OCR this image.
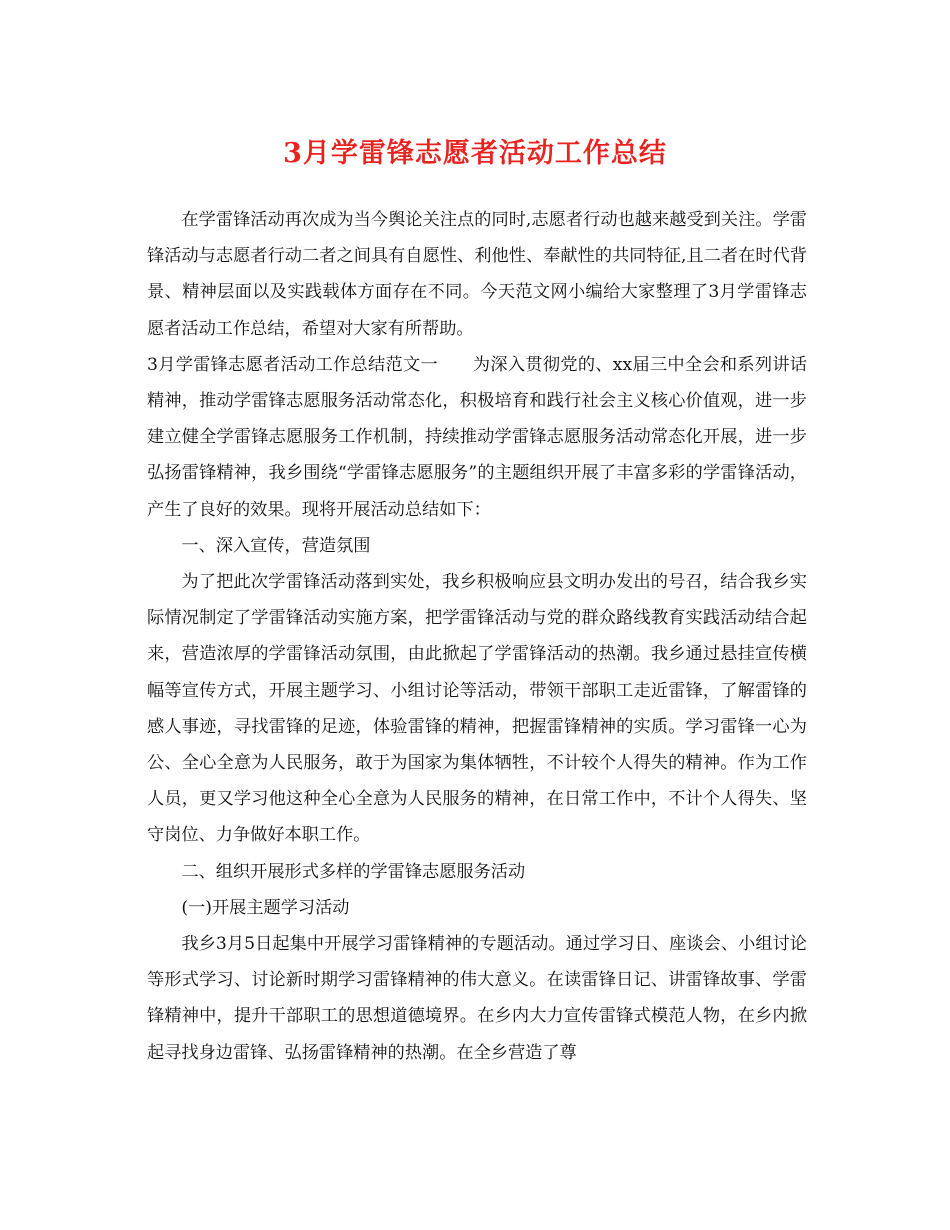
3月学雷锋志愿者活动工作总结

在学雷锋活动再次成为当今舆论关注点的同时,志愿者行动也越来越受到关注。学雷锋活动与志愿者行动二者之间具有自愿性、利他性、奉献性的共同特征,且二者在时代背景、精神层面以及实践载体方面存在不同。今天范文网小编给大家整理了3月学雷锋志愿者活动工作总结，希望对大家有所帮助。

3月学雷锋志愿者活动工作总结范文一　　为深入贯彻党的、xx届三中全会和系列讲话精神，推动学雷锋志愿服务活动常态化，积极培育和践行社会主义核心价值观，进一步建立健全学雷锋志愿服务工作机制，持续推动学雷锋志愿服务活动常态化开展，进一步弘扬雷锋精神，我乡围绕“学雷锋志愿服务”的主题组织开展了丰富多彩的学雷锋活动，产生了良好的效果。现将开展活动总结如下：

一、深入宣传，营造氛围

为了把此次学雷锋活动落到实处，我乡积极响应县文明办发出的号召，结合我乡实际情况制定了学雷锋活动实施方案，把学雷锋活动与党的群众路线教育实践活动结合起来，营造浓厚的学雷锋活动氛围，由此掀起了学雷锋活动的热潮。我乡通过悬挂宣传横幅等宣传方式，开展主题学习、小组讨论等活动，带领干部职工走近雷锋，了解雷锋的感人事迹，寻找雷锋的足迹，体验雷锋的精神，把握雷锋精神的实质。学习雷锋一心为公、全心全意为人民服务，敢于为国家为集体牺牲，不计较个人得失的精神。作为工作人员，更又学习他这种全心全意为人民服务的精神，在日常工作中，不计个人得失、坚守岗位、力争做好本职工作。

二、组织开展形式多样的学雷锋志愿服务活动

(一)开展主题学习活动

我乡3月5日起集中开展学习雷锋精神的专题活动。通过学习日、座谈会、小组讨论等形式学习、讨论新时期学习雷锋精神的伟大意义。在读雷锋日记、讲雷锋故事、学雷锋精神中，提升干部职工的思想道德境界。在乡内大力宣传雷锋式模范人物，在乡内掀起寻找身边雷锋、弘扬雷锋精神的热潮。在全乡营造了尊
